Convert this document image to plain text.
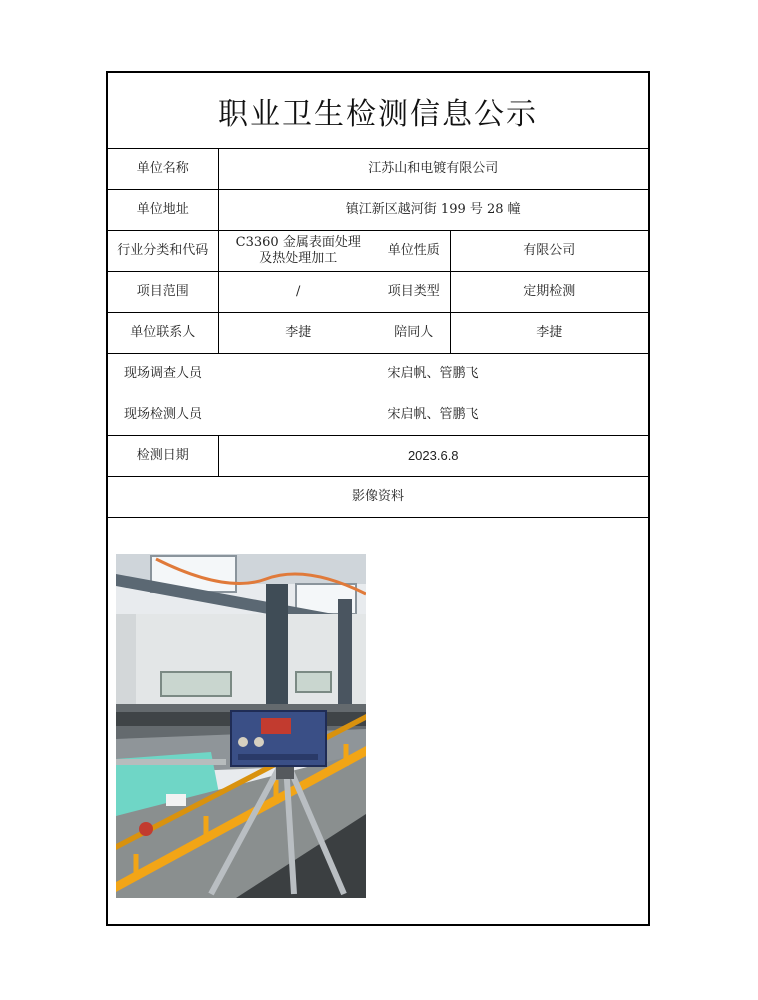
职业卫生检测信息公示
单位名称	江苏山和电镀有限公司		
单位地址	镇江新区越河街 199 号 28 幢		
行业分类和代码	C3360 金属表面处理及热处理加工	单位性质	有限公司
项目范围	/	项目类型	定期检测
单位联系人	李捷	陪同人	李捷
现场调查人员	宋启帆、管鹏飞		
现场检测人员	宋启帆、管鹏飞		
检测日期	2023.6.8		
影像资料			
